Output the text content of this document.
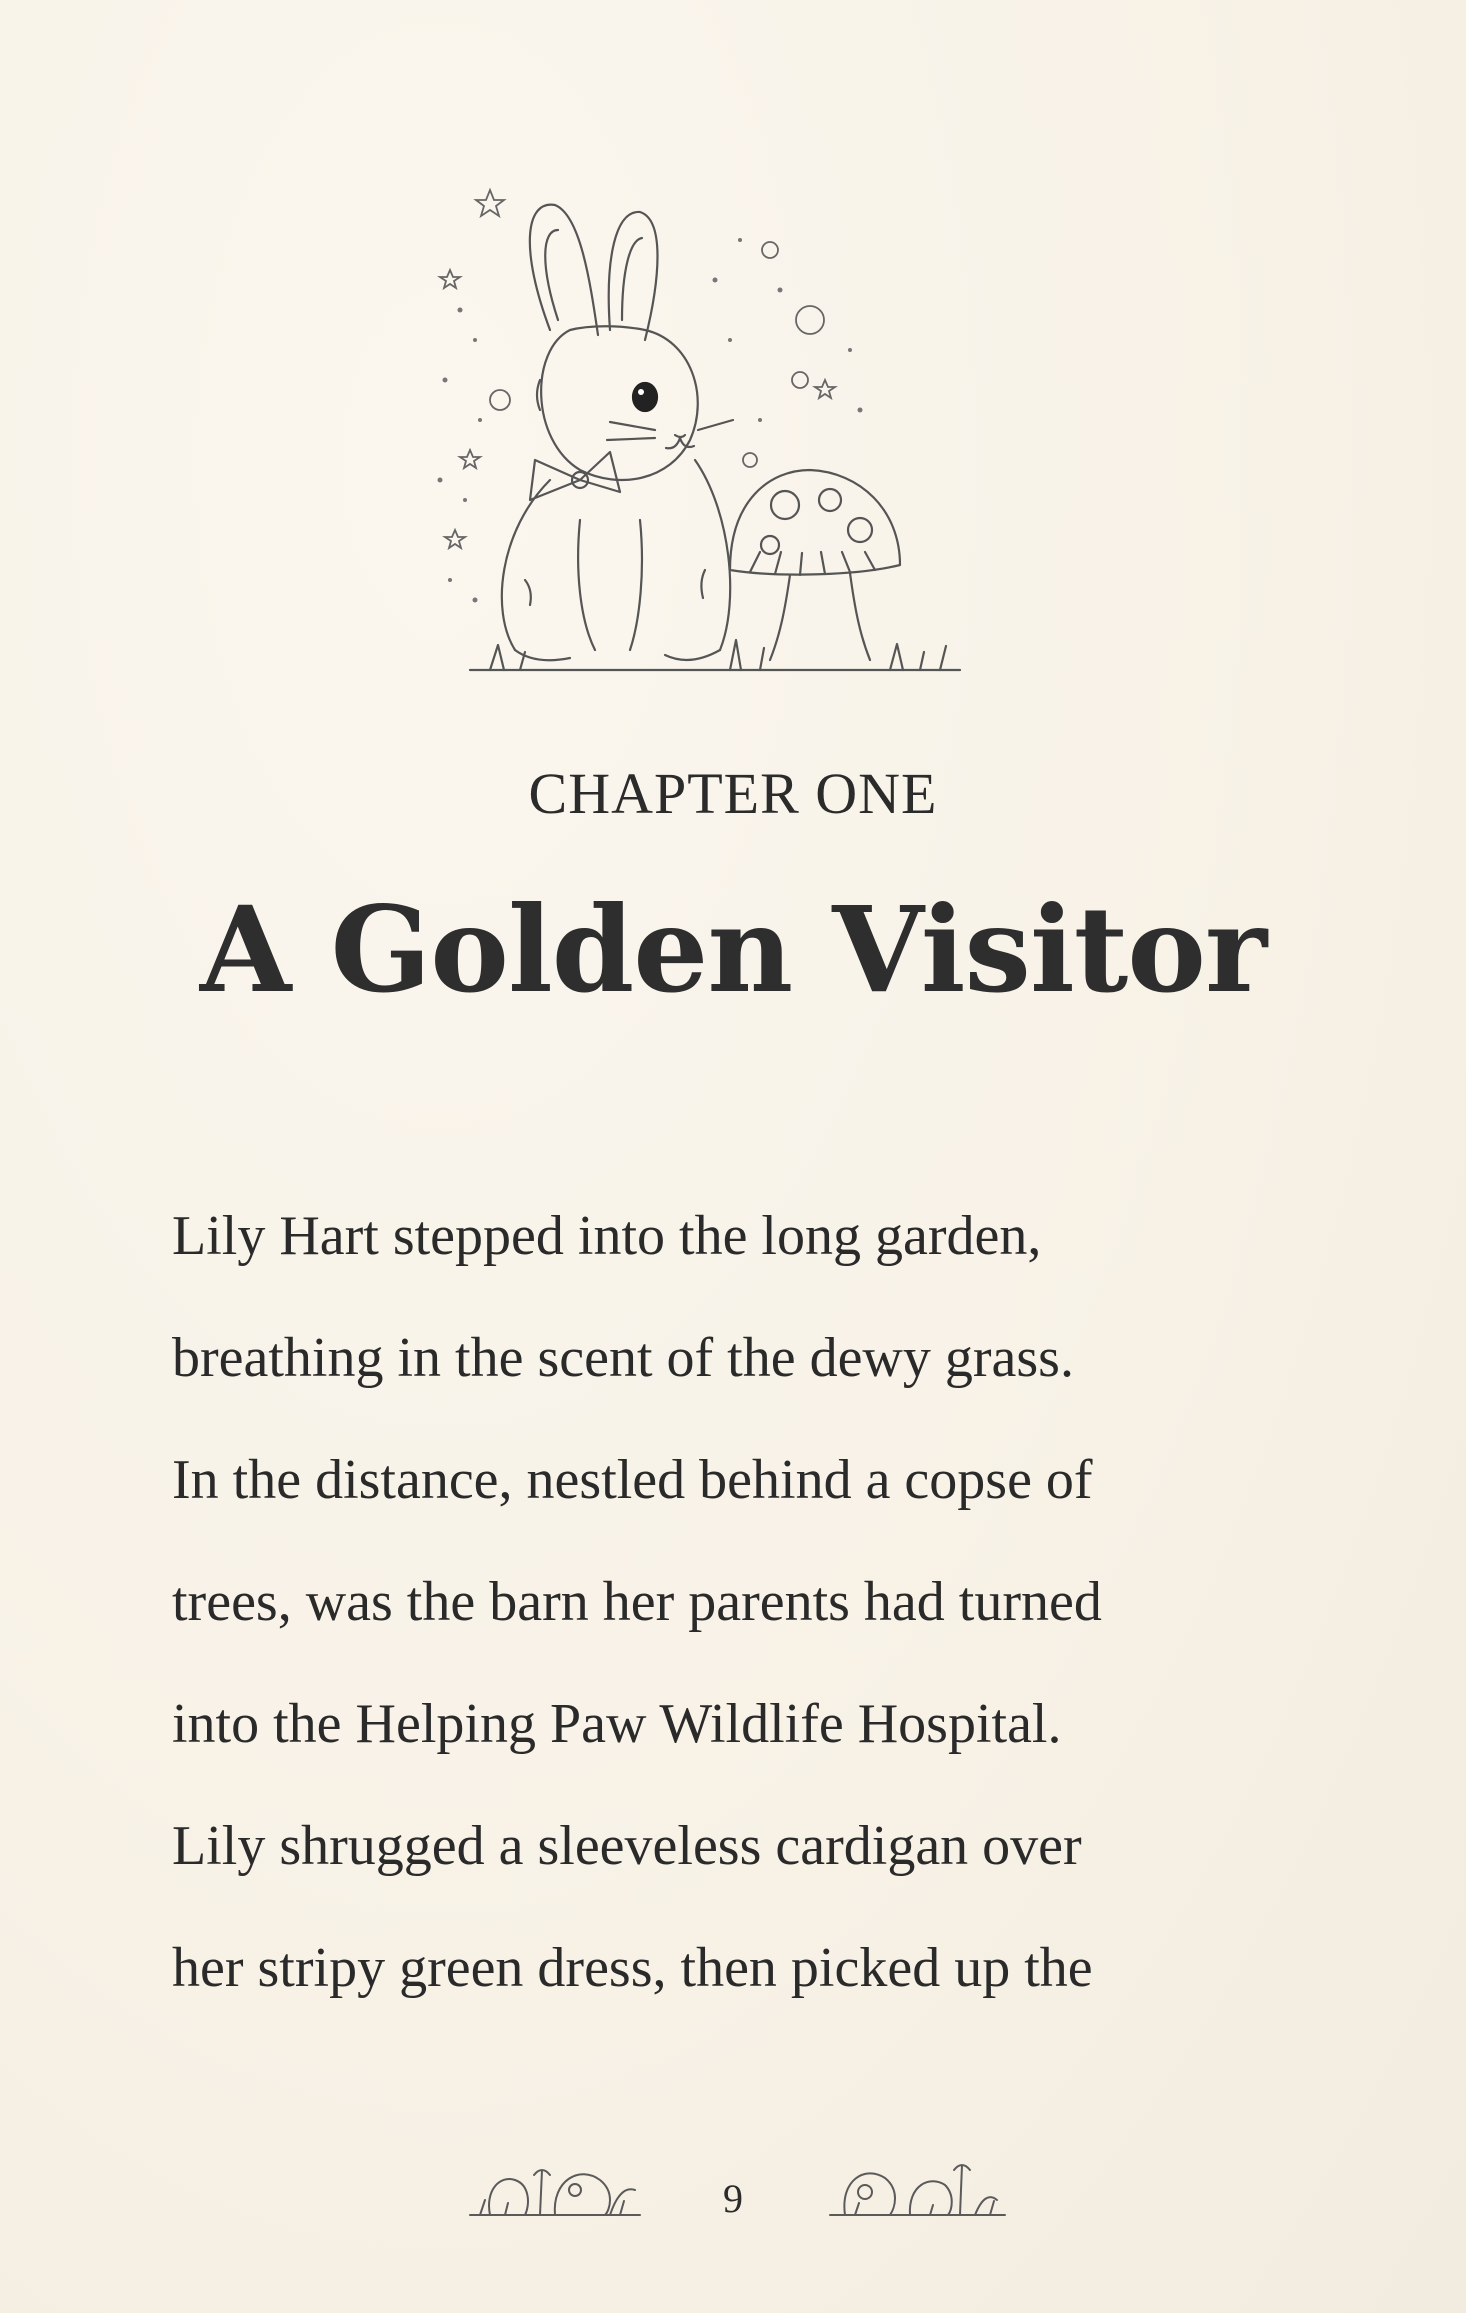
CHAPTER ONE
A Golden Visitor
Lily Hart stepped into the long garden,
breathing in the scent of the dewy grass.
In the distance, nestled behind a copse of
trees, was the barn her parents had turned
into the Helping Paw Wildlife Hospital.
Lily shrugged a sleeveless cardigan over
her stripy green dress, then picked up the
9
